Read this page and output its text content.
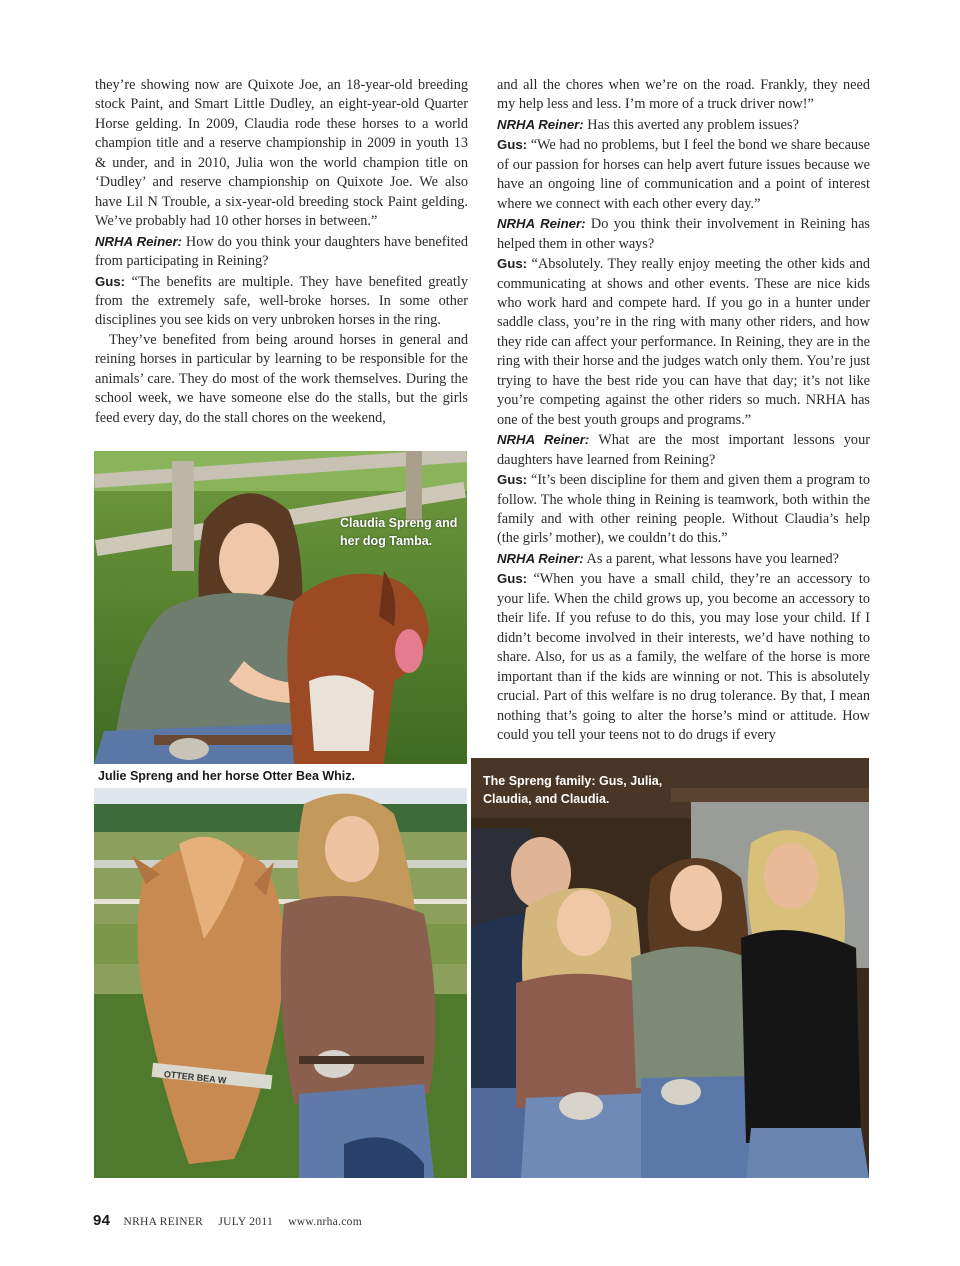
they’re showing now are Quixote Joe, an 18-year-old breeding stock Paint, and Smart Little Dudley, an eight-year-old Quarter Horse gelding. In 2009, Claudia rode these horses to a world champion title and a reserve championship in 2009 in youth 13 & under, and in 2010, Julia won the world champion title on ‘Dudley’ and reserve championship on Quixote Joe. We also have Lil N Trouble, a six-year-old breeding stock Paint gelding. We’ve probably had 10 other horses in between.”

NRHA Reiner: How do you think your daughters have benefited from participating in Reining?

Gus: “The benefits are multiple. They have benefited greatly from the extremely safe, well-broke horses. In some other disciplines you see kids on very unbroken horses in the ring.

They’ve benefited from being around horses in general and reining horses in particular by learning to be responsible for the animals’ care. They do most of the work themselves. During the school week, we have someone else do the stalls, but the girls feed every day, do the stall chores on the weekend,

and all the chores when we’re on the road. Frankly, they need my help less and less. I’m more of a truck driver now!”

NRHA Reiner: Has this averted any problem issues?

Gus: “We had no problems, but I feel the bond we share because of our passion for horses can help avert future issues because we have an ongoing line of communication and a point of interest where we connect with each other every day.”

NRHA Reiner: Do you think their involvement in Reining has helped them in other ways?

Gus: “Absolutely. They really enjoy meeting the other kids and communicating at shows and other events. These are nice kids who work hard and compete hard. If you go in a hunter under saddle class, you’re in the ring with many other riders, and how they ride can affect your performance. In Reining, they are in the ring with their horse and the judges watch only them. You’re just trying to have the best ride you can have that day; it’s not like you’re competing against the other riders so much. NRHA has one of the best youth groups and programs.”

NRHA Reiner: What are the most important lessons your daughters have learned from Reining?

Gus: “It’s been discipline for them and given them a program to follow. The whole thing in Reining is teamwork, both within the family and with other reining people. Without Claudia’s help (the girls’ mother), we couldn’t do this.”

NRHA Reiner: As a parent, what lessons have you learned?

Gus: “When you have a small child, they’re an accessory to your life. When the child grows up, you become an accessory to their life. If you refuse to do this, you may lose your child. If I didn’t become involved in their interests, we’d have nothing to share. Also, for us as a family, the welfare of the horse is more important than if the kids are winning or not. This is absolutely crucial. Part of this welfare is no drug tolerance. By that, I mean nothing that’s going to alter the horse’s mind or attitude. How could you tell your teens not to do drugs if every

Claudia Spreng and her dog Tamba.
OTTER BEA W
Julie Spreng and her horse Otter Bea Whiz.	The Spreng family: Gus, Julia, Claudia, and Claudia.
94 NRHA REINER JULY 2011 www.nrha.com
